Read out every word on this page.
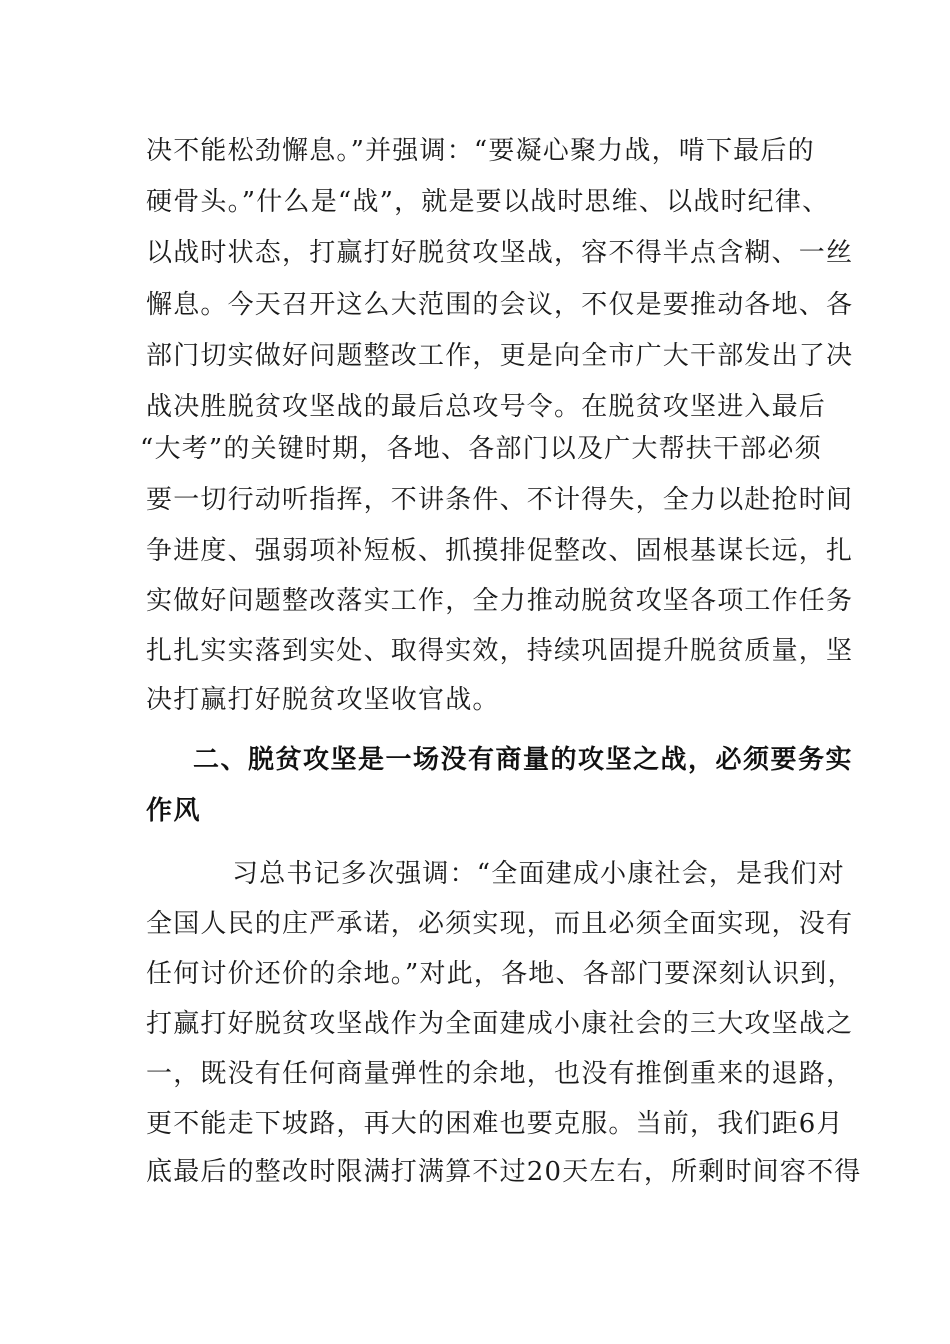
决不能松劲懈息。”并强调：“要凝心聚力战，啃下最后的
硬骨头。”什么是“战”，就是要以战时思维、以战时纪律、
以战时状态，打赢打好脱贫攻坚战，容不得半点含糊、一丝
懈息。今天召开这么大范围的会议，不仅是要推动各地、各
部门切实做好问题整改工作，更是向全市广大干部发出了决
战决胜脱贫攻坚战的最后总攻号令。在脱贫攻坚进入最后
“大考”的关键时期，各地、各部门以及广大帮扶干部必须
要一切行动听指挥，不讲条件、不计得失，全力以赴抢时间
争进度、强弱项补短板、抓摸排促整改、固根基谋长远，扎
实做好问题整改落实工作，全力推动脱贫攻坚各项工作任务
扎扎实实落到实处、取得实效，持续巩固提升脱贫质量，坚
决打赢打好脱贫攻坚收官战。
二、脱贫攻坚是一场没有商量的攻坚之战，必须要务实
作风
习总书记多次强调：“全面建成小康社会，是我们对
全国人民的庄严承诺，必须实现，而且必须全面实现，没有
任何讨价还价的余地。”对此，各地、各部门要深刻认识到，
打赢打好脱贫攻坚战作为全面建成小康社会的三大攻坚战之
一，既没有任何商量弹性的余地，也没有推倒重来的退路，
更不能走下坡路，再大的困难也要克服。当前，我们距6月
底最后的整改时限满打满算不过20天左右，所剩时间容不得
